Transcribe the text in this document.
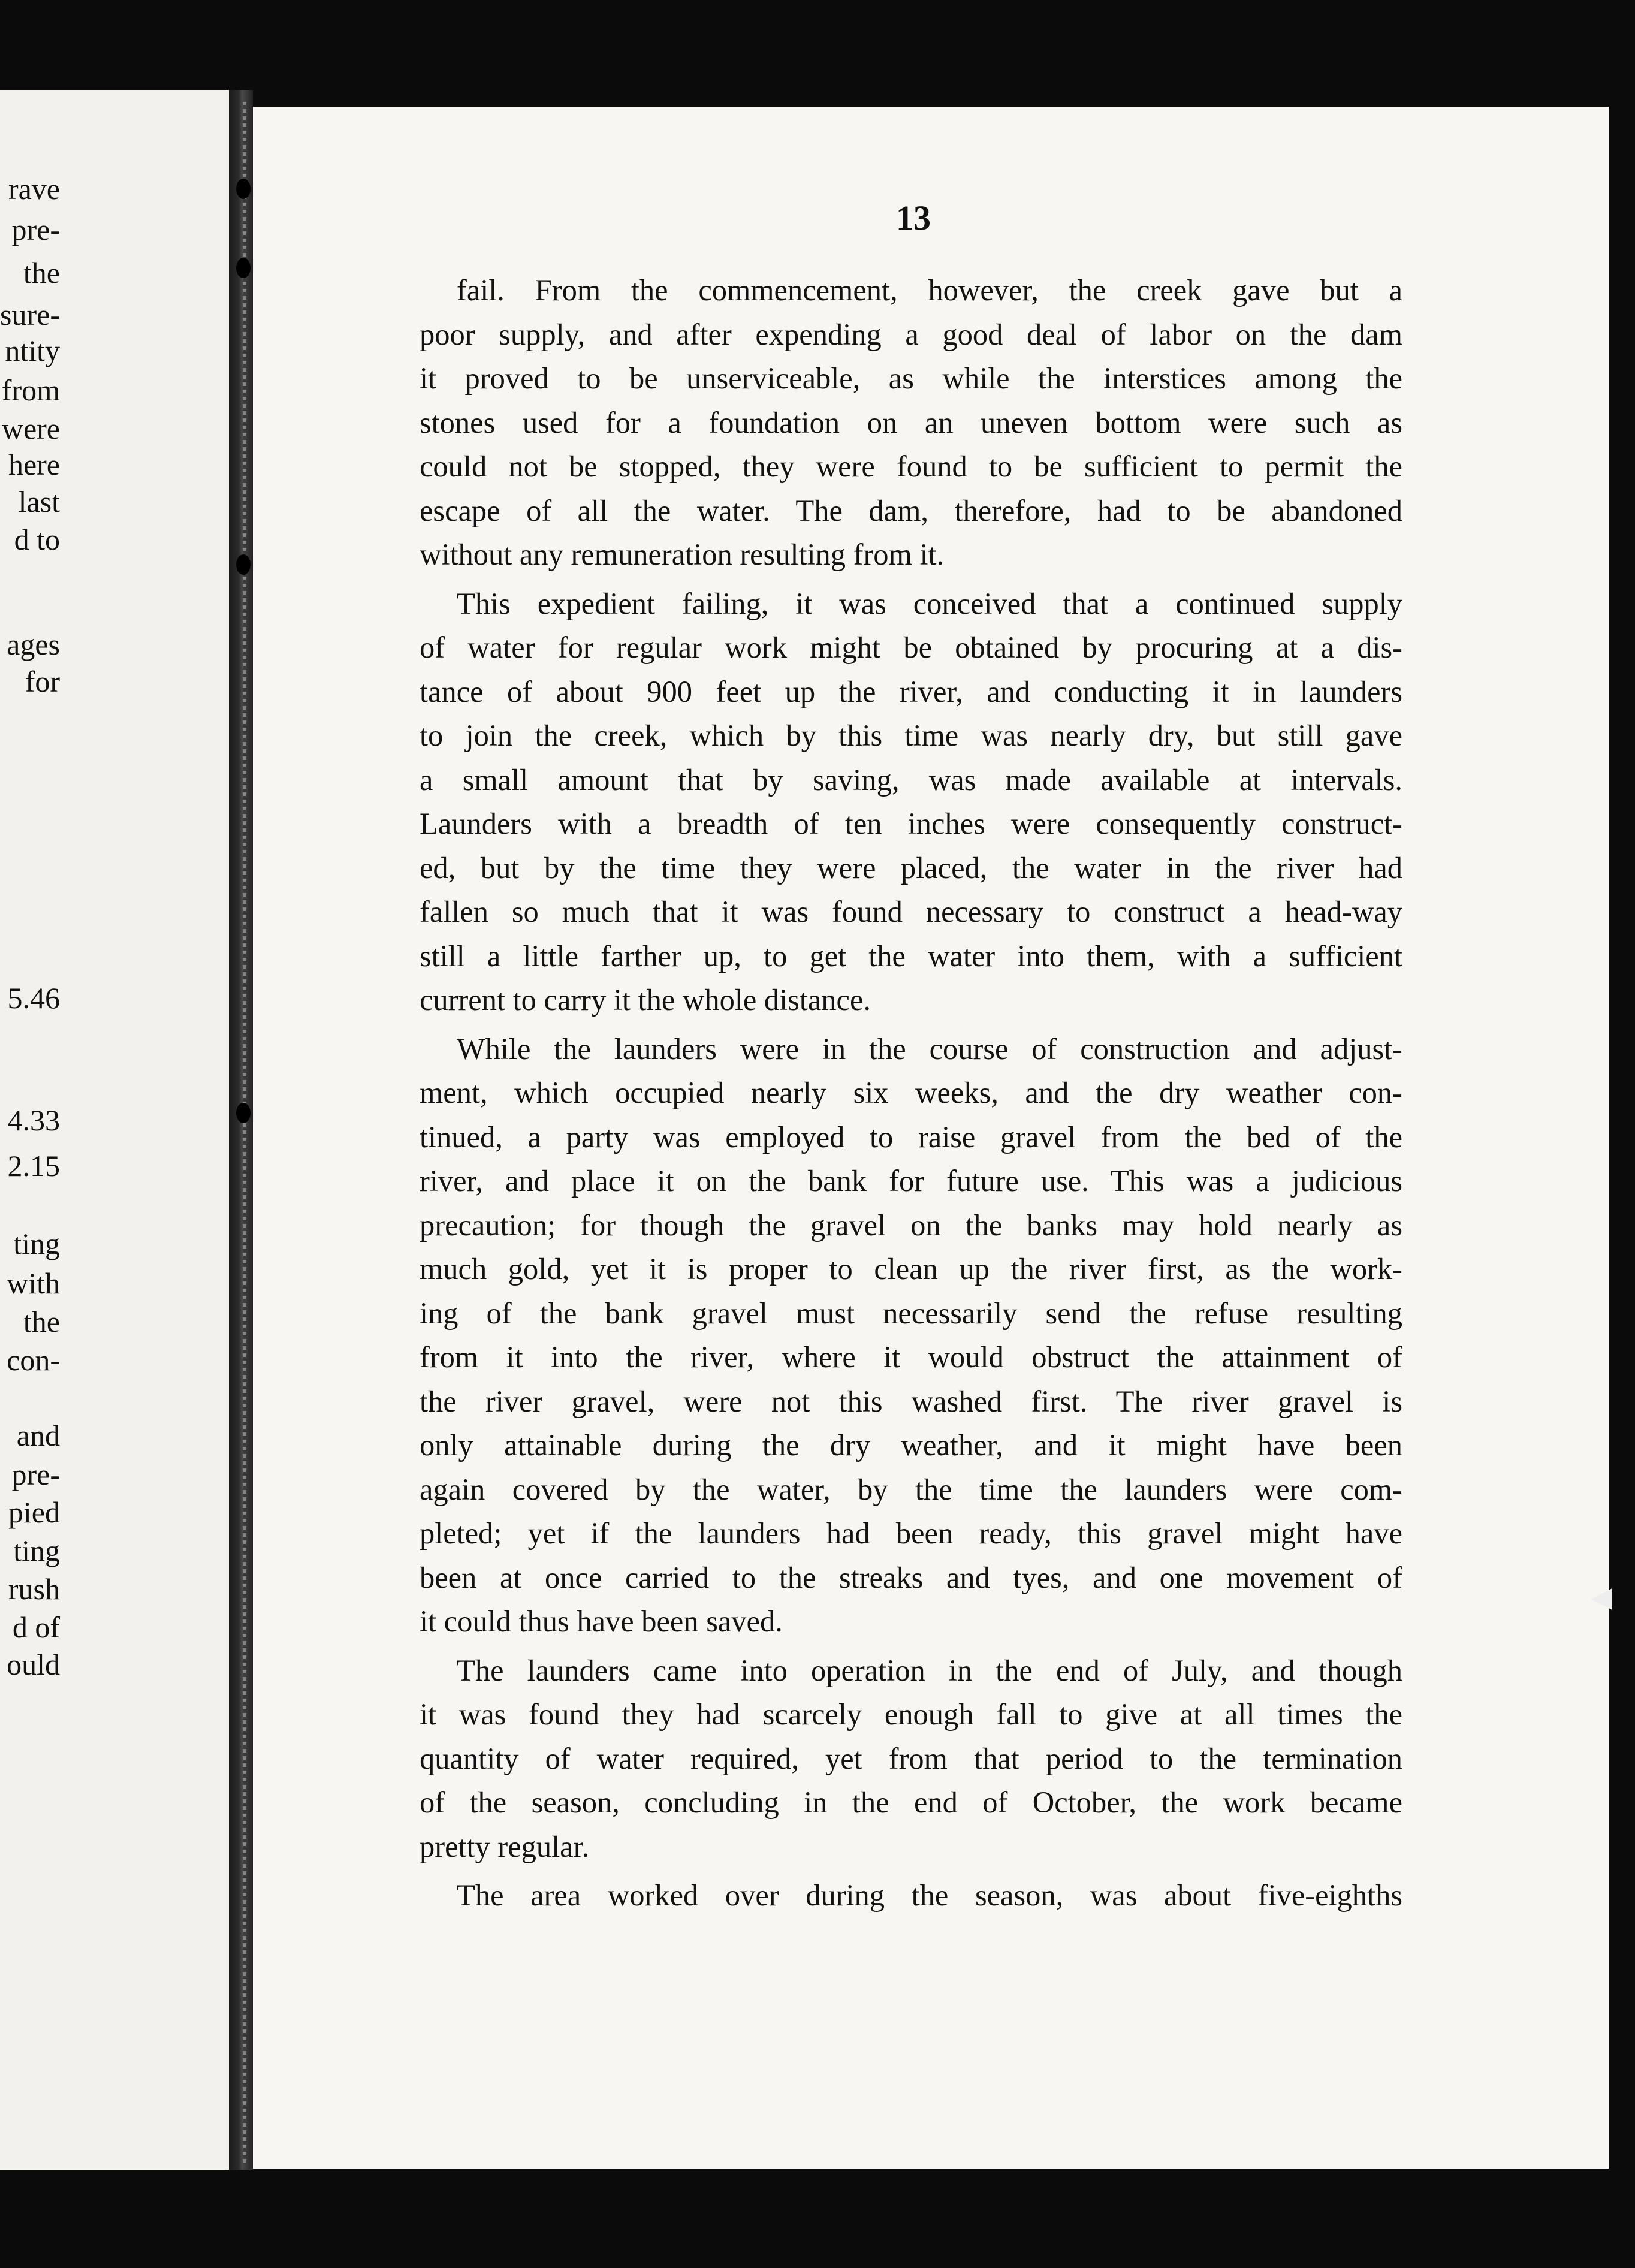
rave
pre-
the
sure-
ntity
from
were
here
last
d to
ages
for
5.46
4.33
2.15
ting
with
the
con-
and
pre-
pied
ting
rush
d of
ould
13
fail. From the commencement, however, the creek gave but a
poor supply, and after expending a good deal of labor on the dam
it proved to be unserviceable, as while the interstices among the
stones used for a foundation on an uneven bottom were such as
could not be stopped, they were found to be sufficient to permit the
escape of all the water. The dam, therefore, had to be abandoned
without any remuneration resulting from it.
This expedient failing, it was conceived that a continued supply
of water for regular work might be obtained by procuring at a dis-
tance of about 900 feet up the river, and conducting it in launders
to join the creek, which by this time was nearly dry, but still gave
a small amount that by saving, was made available at intervals.
Launders with a breadth of ten inches were consequently construct-
ed, but by the time they were placed, the water in the river had
fallen so much that it was found necessary to construct a head-way
still a little farther up, to get the water into them, with a sufficient
current to carry it the whole distance.
While the launders were in the course of construction and adjust-
ment, which occupied nearly six weeks, and the dry weather con-
tinued, a party was employed to raise gravel from the bed of the
river, and place it on the bank for future use. This was a judicious
precaution; for though the gravel on the banks may hold nearly as
much gold, yet it is proper to clean up the river first, as the work-
ing of the bank gravel must necessarily send the refuse resulting
from it into the river, where it would obstruct the attainment of
the river gravel, were not this washed first. The river gravel is
only attainable during the dry weather, and it might have been
again covered by the water, by the time the launders were com-
pleted; yet if the launders had been ready, this gravel might have
been at once carried to the streaks and tyes, and one movement of
it could thus have been saved.
The launders came into operation in the end of July, and though
it was found they had scarcely enough fall to give at all times the
quantity of water required, yet from that period to the termination
of the season, concluding in the end of October, the work became
pretty regular.
The area worked over during the season, was about five-eighths
